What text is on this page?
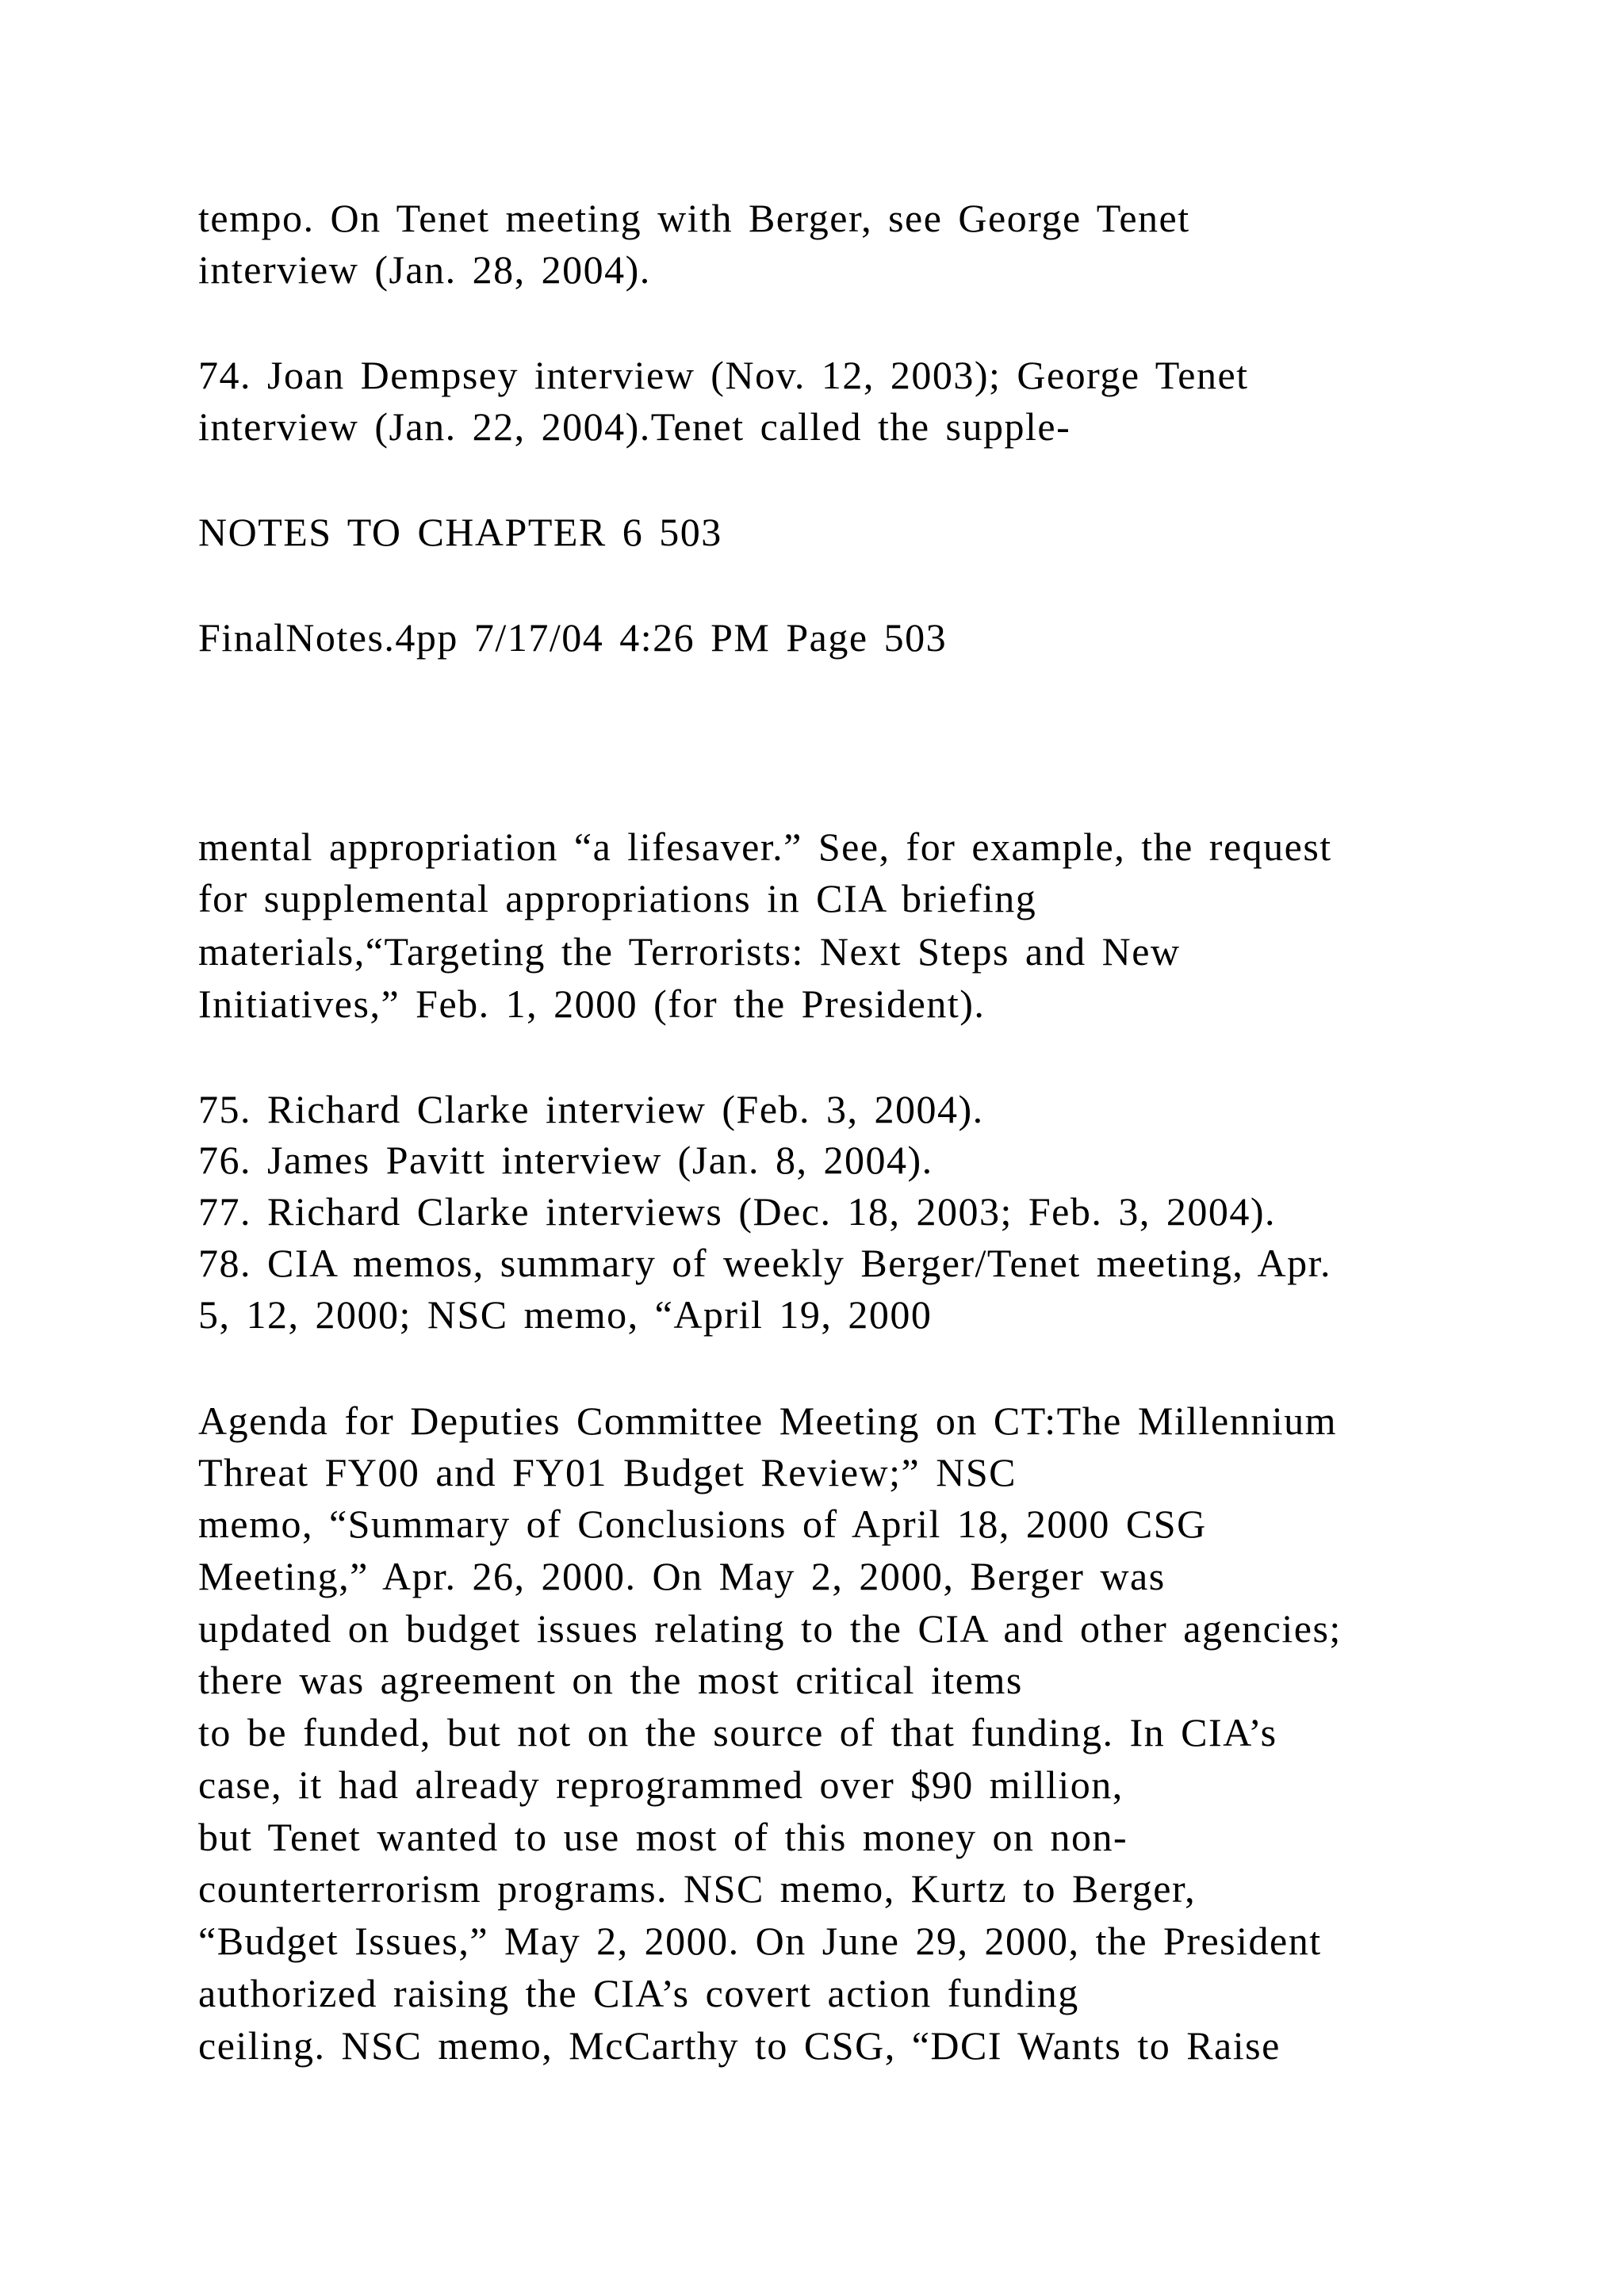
tempo. On Tenet meeting with Berger, see George Tenet

interview (Jan. 28, 2004).

74. Joan Dempsey interview (Nov. 12, 2003); George Tenet

interview (Jan. 22, 2004).Tenet called the supple-

NOTES TO CHAPTER 6 503

FinalNotes.4pp 7/17/04 4:26 PM Page 503

mental appropriation “a lifesaver.” See, for example, the request

for supplemental appropriations in CIA briefing

materials,“Targeting the Terrorists: Next Steps and New

Initiatives,” Feb. 1, 2000 (for the President).

75. Richard Clarke interview (Feb. 3, 2004).

76. James Pavitt interview (Jan. 8, 2004).

77. Richard Clarke interviews (Dec. 18, 2003; Feb. 3, 2004).

78. CIA memos, summary of weekly Berger/Tenet meeting, Apr.

5, 12, 2000; NSC memo, “April 19, 2000

Agenda for Deputies Committee Meeting on CT:The Millennium

Threat FY00 and FY01 Budget Review;” NSC

memo, “Summary of Conclusions of April 18, 2000 CSG

Meeting,” Apr. 26, 2000. On May 2, 2000, Berger was

updated on budget issues relating to the CIA and other agencies;

there was agreement on the most critical items

to be funded, but not on the source of that funding. In CIA’s

case, it had already reprogrammed over $90 million,

but Tenet wanted to use most of this money on non-

counterterrorism programs. NSC memo, Kurtz to Berger,

“Budget Issues,” May 2, 2000. On June 29, 2000, the President

authorized raising the CIA’s covert action funding

ceiling. NSC memo, McCarthy to CSG, “DCI Wants to Raise
